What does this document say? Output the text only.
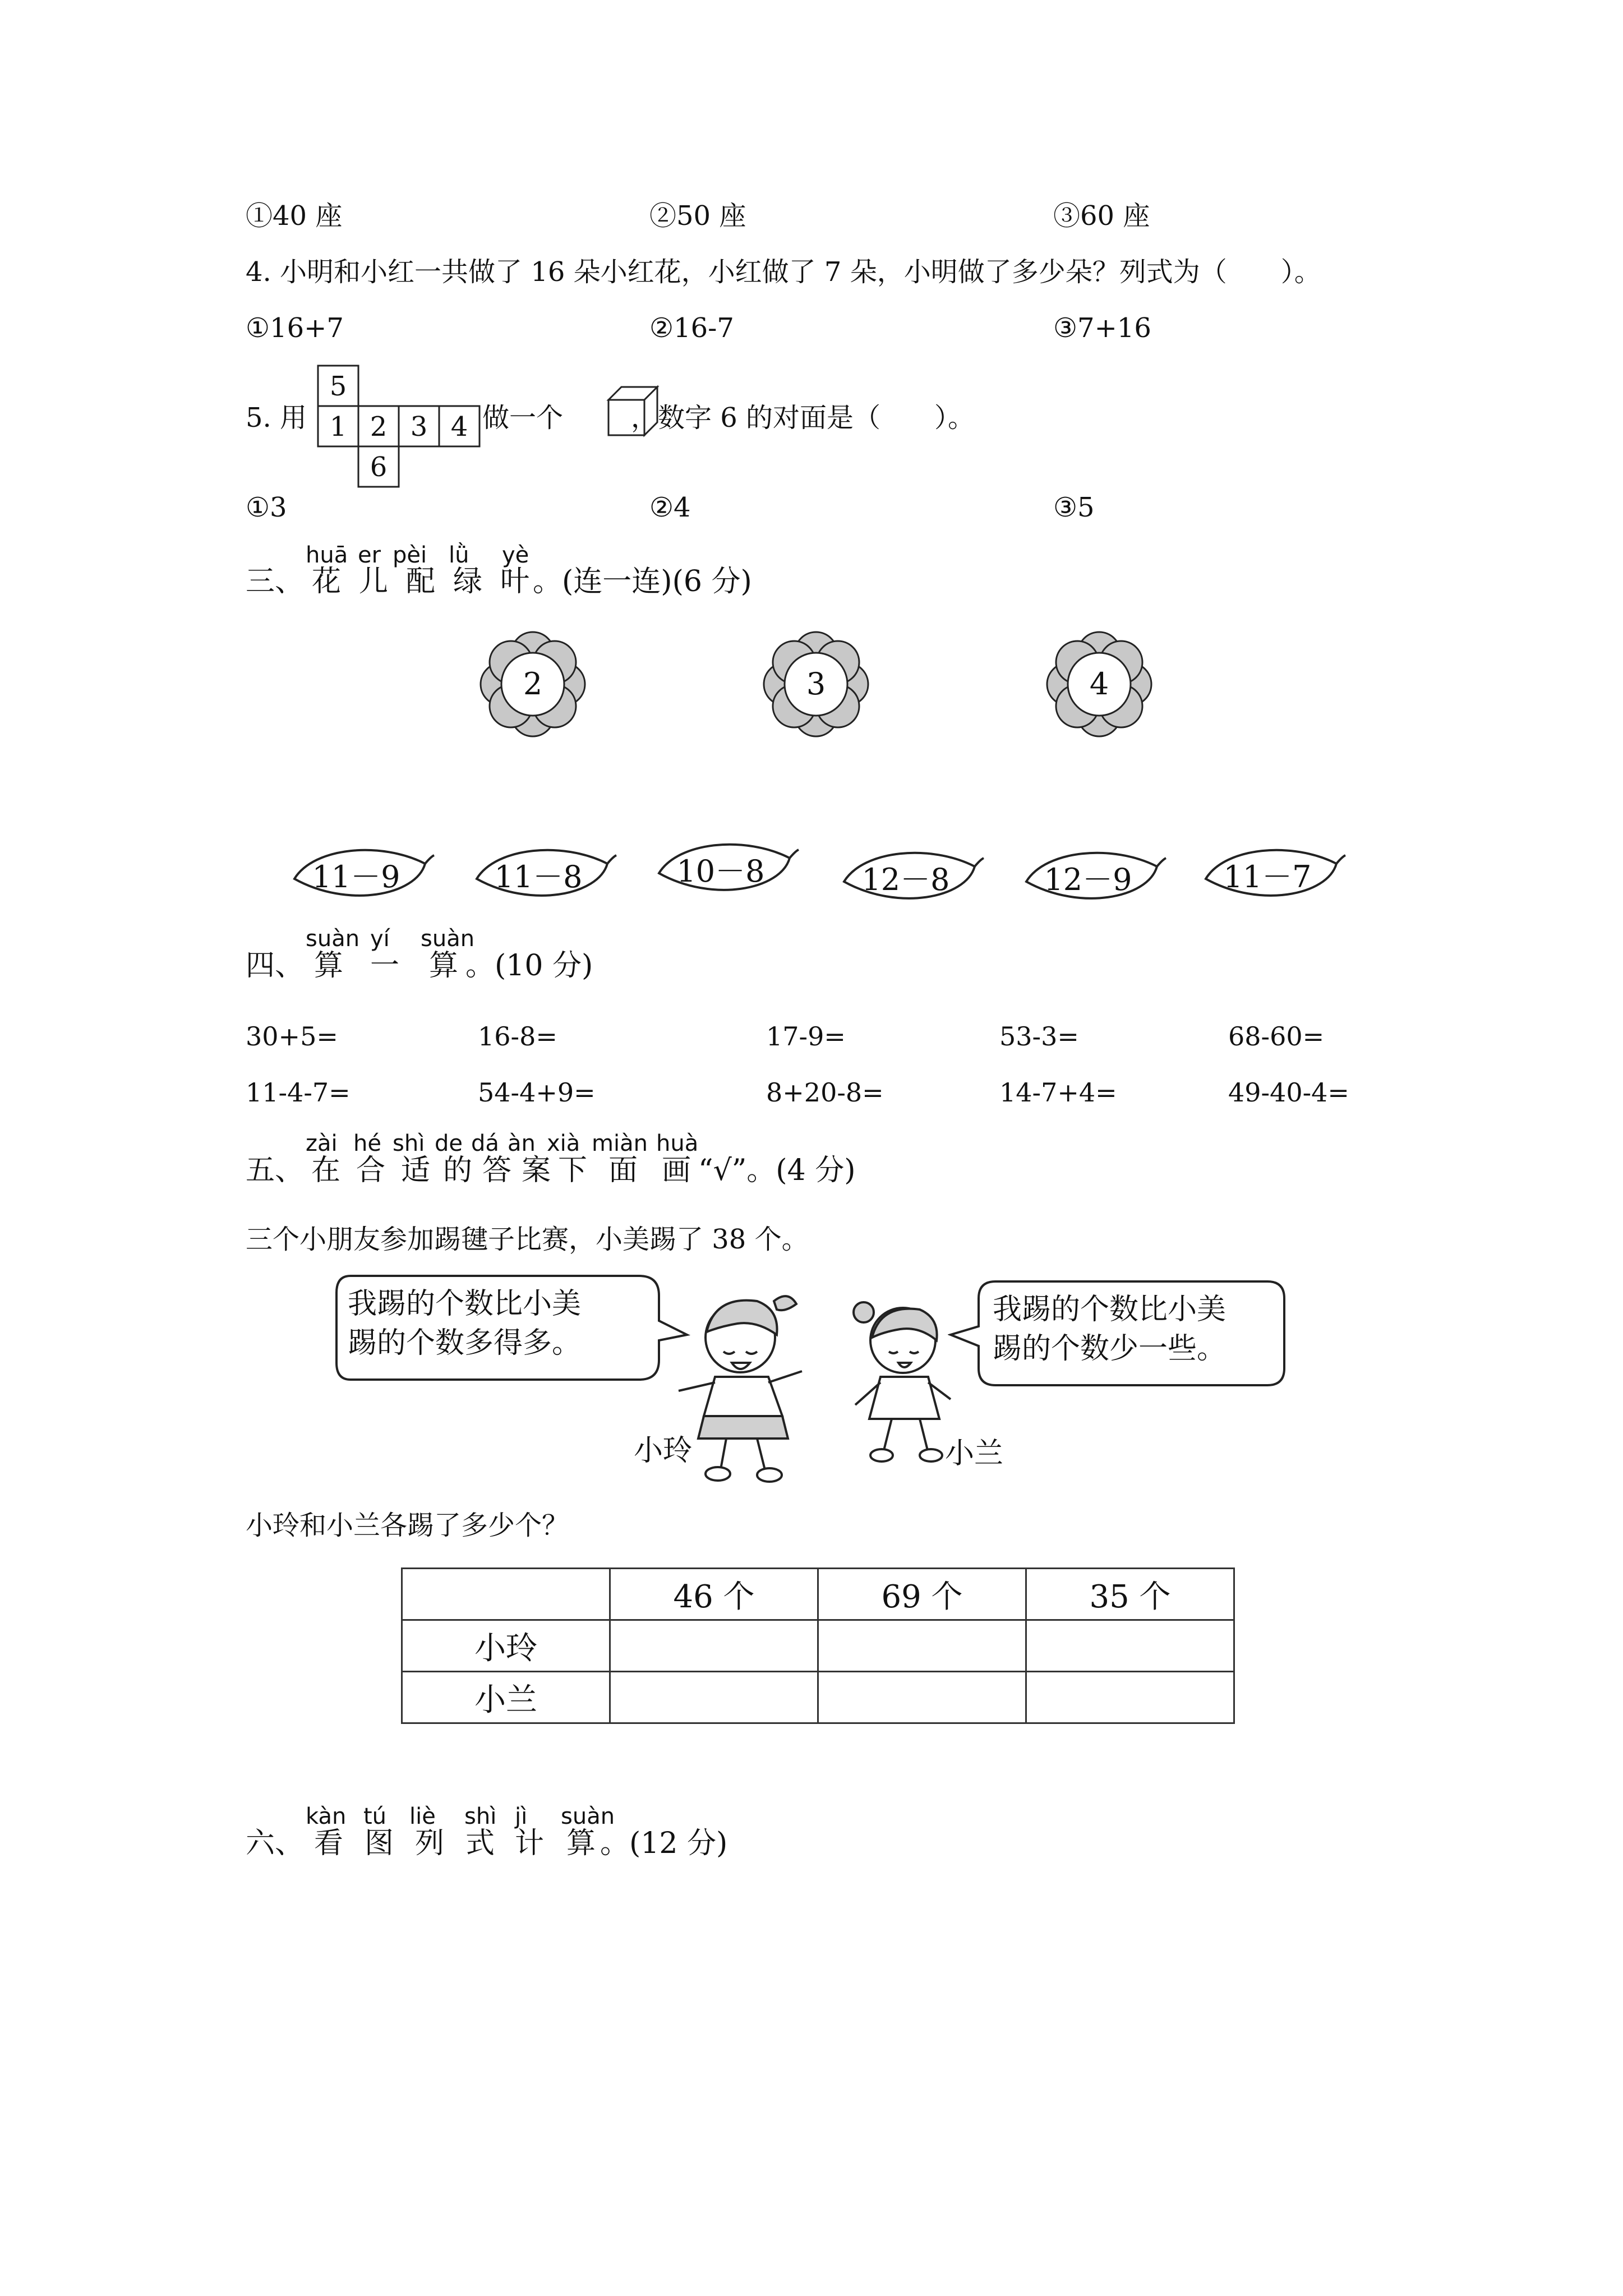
①40 座	②50 座	③60 座
4. 小明和小红一共做了 16 朵小红花，小红做了 7 朵，小明做了多少朵？列式为（　　）。
①16+7	②16-7	③7+16
5. 用
5
1 2 3 4
6
做一个	，数字 6 的对面是（　　）。
①3	②4	③5
三、
huā er pèi lǜ yè
花 儿 配 绿 叶 。(连一连)(6 分)
2	3	4
11－9	11－8	10－8	12－8	12－9	11－7
四、
suàn yí suàn
算 一 算 。(10 分)
30+5=	16-8=	17-9=	53-3=	68-60=
11-4-7=	54-4+9=	8+20-8=	14-7+4=	49-40-4=
五、
zài hé shì de dá àn xià miàn huà
在 合 适 的 答 案 下 面 画 “√”。(4 分)
三个小朋友参加踢毽子比赛，小美踢了 38 个。
我踢的个数比小美
踢的个数多得多。
小玲	小兰
我踢的个数比小美
踢的个数少一些。
小玲和小兰各踢了多少个？
	46 个	69 个	35 个
小玲			
小兰			
六、
kàn tú liè shì jì suàn
看 图 列 式 计 算 。(12 分)
